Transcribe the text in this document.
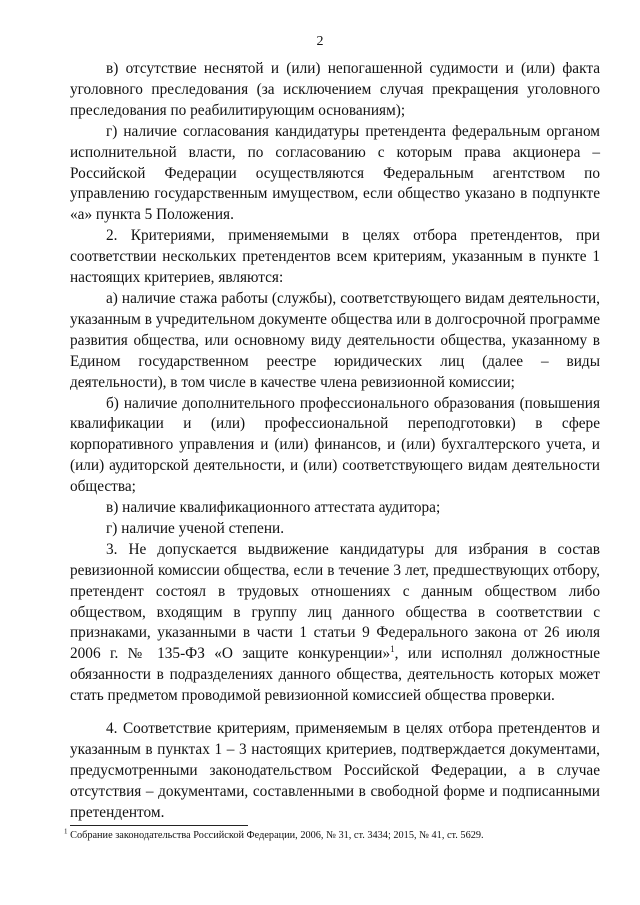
2

в) отсутствие неснятой и (или) непогашенной судимости и (или) факта уголовного преследования (за исключением случая прекращения уголовного преследования по реабилитирующим основаниям);

г) наличие согласования кандидатуры претендента федеральным органом исполнительной власти, по согласованию с которым права акционера – Российской Федерации осуществляются Федеральным агентством по управлению государственным имуществом, если общество указано в подпункте «а» пункта 5 Положения.

2. Критериями, применяемыми в целях отбора претендентов, при соответствии нескольких претендентов всем критериям, указанным в пункте 1 настоящих критериев, являются:

а) наличие стажа работы (службы), соответствующего видам деятельности, указанным в учредительном документе общества или в долгосрочной программе развития общества, или основному виду деятельности общества, указанному в Едином государственном реестре юридических лиц (далее – виды деятельности), в том числе в качестве члена ревизионной комиссии;

б) наличие дополнительного профессионального образования (повышения квалификации и (или) профессиональной переподготовки) в сфере корпоративного управления и (или) финансов, и (или) бухгалтерского учета, и (или) аудиторской деятельности, и (или) соответствующего видам деятельности общества;

в) наличие квалификационного аттестата аудитора;

г) наличие ученой степени.

3. Не допускается выдвижение кандидатуры для избрания в состав ревизионной комиссии общества, если в течение 3 лет, предшествующих отбору, претендент состоял в трудовых отношениях с данным обществом либо обществом, входящим в группу лиц данного общества в соответствии с признаками, указанными в части 1 статьи 9 Федерального закона от 26 июля 2006 г. № 135-ФЗ «О защите конкуренции»$^1$, или исполнял должностные обязанности в подразделениях данного общества, деятельность которых может стать предметом проводимой ревизионной комиссией общества проверки.

4. Соответствие критериям, применяемым в целях отбора претендентов и указанным в пунктах 1 – 3 настоящих критериев, подтверждается документами, предусмотренными законодательством Российской Федерации, а в случае отсутствия – документами, составленными в свободной форме и подписанными претендентом.

$^1$ Собрание законодательства Российской Федерации, 2006, № 31, ст. 3434; 2015, № 41, ст. 5629.
